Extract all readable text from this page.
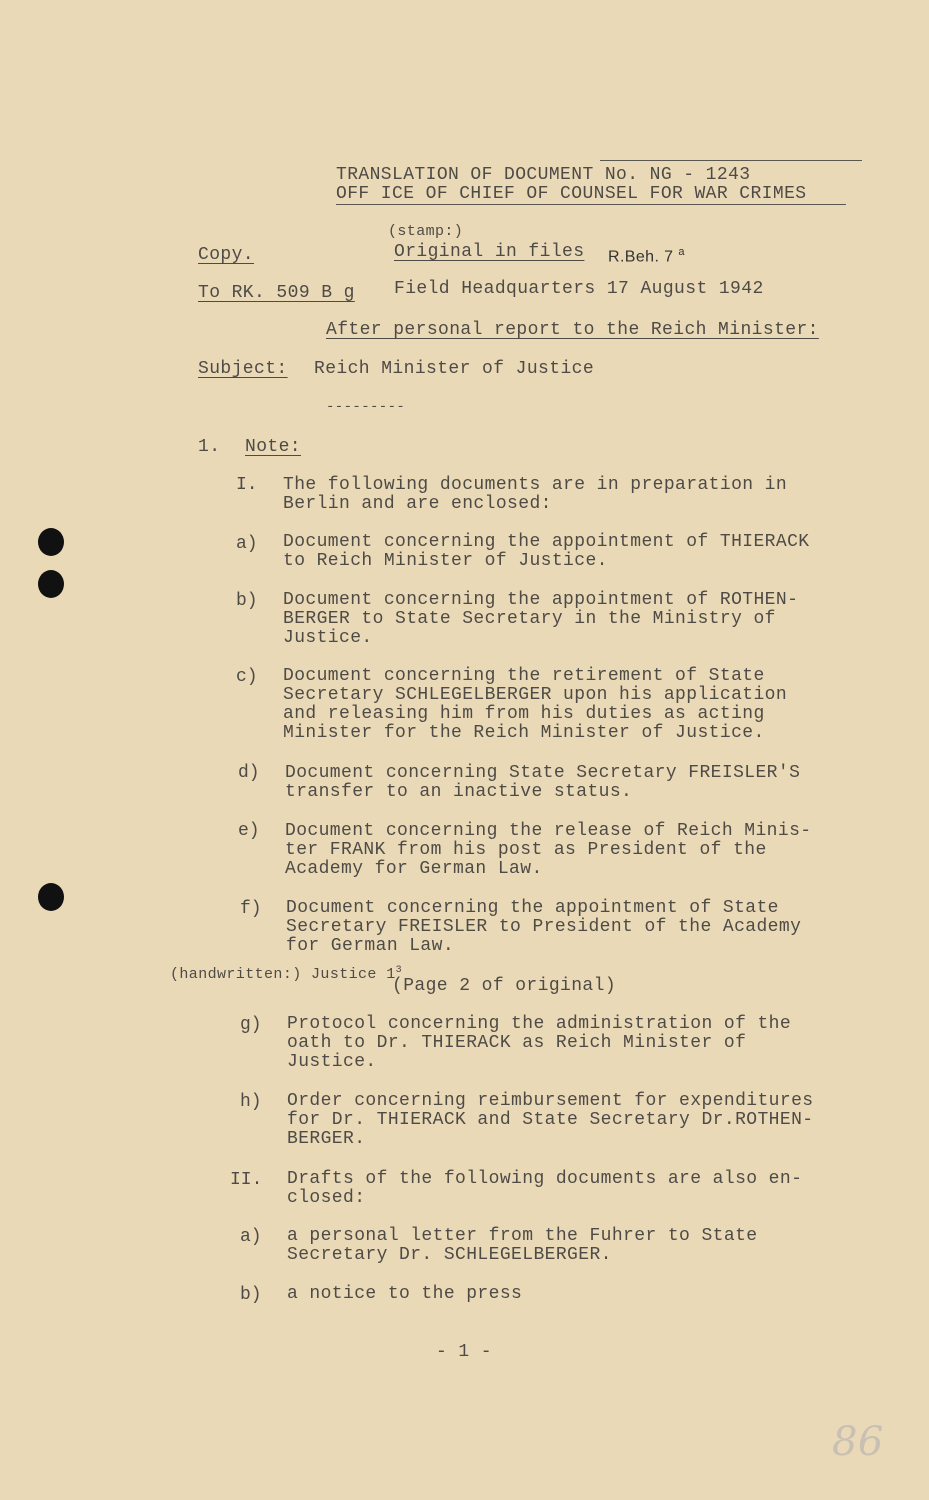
TRANSLATION OF DOCUMENT No. NG - 1243
OFF ICE OF CHIEF OF COUNSEL FOR WAR CRIMES
(stamp:)
Copy.	Original in files R.Beh. 7 $^a$
To RK. 509 B g Field Headquarters 17 August 1942
After personal report to the Reich Minister:
Subject: Reich Minister of Justice
---------
1. Note:
I. The following documents are in preparation in
Berlin and are enclosed:
a) Document concerning the appointment of THIERACK
to Reich Minister of Justice.
b) Document concerning the appointment of ROTHEN-
BERGER to State Secretary in the Ministry of
Justice.
c) Document concerning the retirement of State
Secretary SCHLEGELBERGER upon his application
and releasing him from his duties as acting
Minister for the Reich Minister of Justice.
d) Document concerning State Secretary FREISLER'S
transfer to an inactive status.
e) Document concerning the release of Reich Minis-
ter FRANK from his post as President of the
Academy for German Law.
f) Document concerning the appointment of State
Secretary FREISLER to President of the Academy
for German Law.
(handwritten:) Justice $1^3$
(Page 2 of original)
g) Protocol concerning the administration of the
oath to Dr. THIERACK as Reich Minister of
Justice.
h) Order concerning reimbursement for expenditures
for Dr. THIERACK and State Secretary Dr.ROTHEN-
BERGER.
II. Drafts of the following documents are also en-
closed:
a) a personal letter from the Fuhrer to State
Secretary Dr. SCHLEGELBERGER.
b) a notice to the press
- 1 -
86
